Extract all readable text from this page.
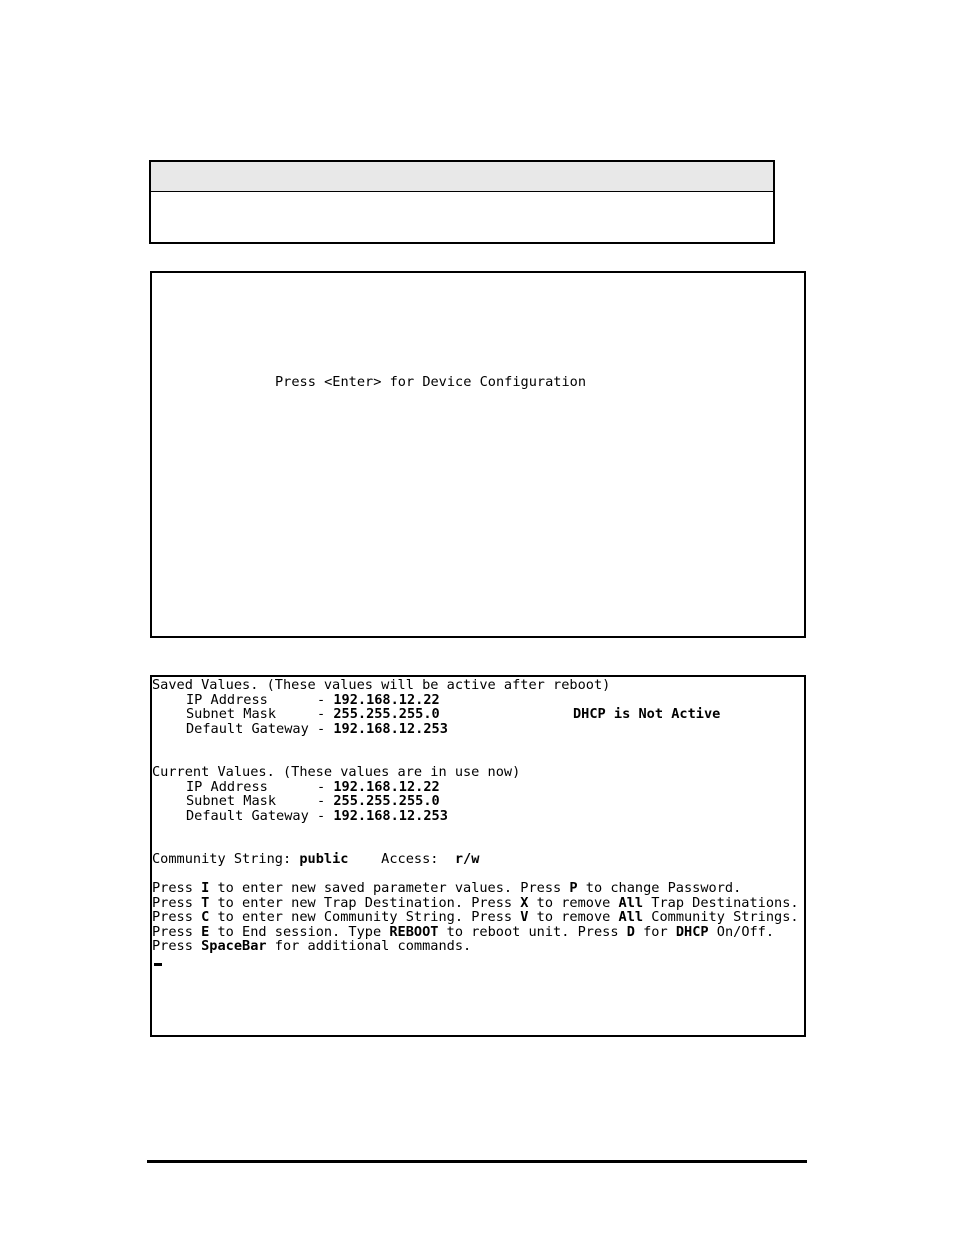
Press <Enter> for Device Configuration
Saved Values. (These values will be active after reboot)
IP Address      - 192.168.12.22
Subnet Mask     - 255.255.255.0	DHCP is Not Active
Default Gateway - 192.168.12.253
Current Values. (These values are in use now)
IP Address      - 192.168.12.22
Subnet Mask     - 255.255.255.0
Default Gateway - 192.168.12.253
Community String: public    Access:  r/w
Press I to enter new saved parameter values. Press P to change Password.
Press T to enter new Trap Destination. Press X to remove All Trap Destinations.
Press C to enter new Community String. Press V to remove All Community Strings.
Press E to End session. Type REBOOT to reboot unit. Press D for DHCP On/Off.
Press SpaceBar for additional commands.
